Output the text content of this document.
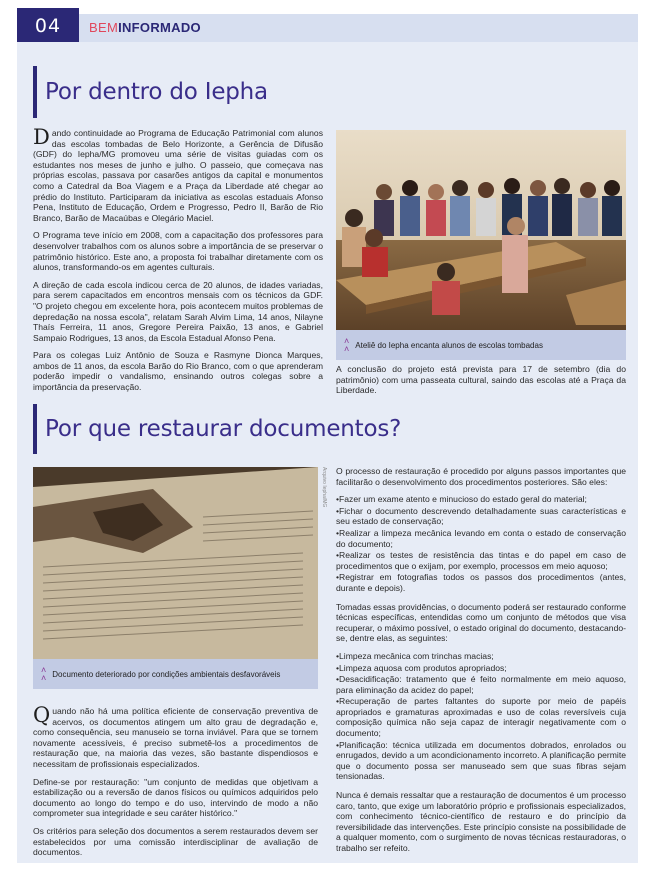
04	BEMINFORMADO
Por dentro do Iepha

Dando continuidade ao Programa de Educação Patrimonial com alunos das escolas tombadas de Belo Horizonte, a Gerência de Difusão (GDF) do Iepha/MG promoveu uma série de visitas guiadas com os estudantes nos meses de junho e julho. O passeio, que começava nas próprias escolas, passava por casarões antigos da capital e monumentos como a Catedral da Boa Viagem e a Praça da Liberdade até chegar ao prédio do Instituto. Participaram da iniciativa as escolas estaduais Afonso Pena, Instituto de Educação, Ordem e Progresso, Pedro II, Barão de Rio Branco, Barão de Macaúbas e Olegário Maciel.

O Programa teve início em 2008, com a capacitação dos professores para desenvolver trabalhos com os alunos sobre a importância de se preservar o patrimônio histórico. Este ano, a proposta foi trabalhar diretamente com os alunos, transformando-os em agentes culturais.

A direção de cada escola indicou cerca de 20 alunos, de idades variadas, para serem capacitados em encontros mensais com os técnicos da GDF. "O projeto chegou em excelente hora, pois acontecem muitos problemas de depredação na nossa escola", relatam Sarah Alvim Lima, 14 anos, Nilayne Thaís Ferreira, 11 anos, Gregore Pereira Paixão, 13 anos, e Gabriel Sampaio Rodrigues, 13 anos, da Escola Estadual Afonso Pena.

Para os colegas Luiz Antônio de Souza e Rasmyne Dionca Marques, ambos de 11 anos, da escola Barão do Rio Branco, com o que aprenderam poderão impedir o vandalismo, ensinando outros colegas sobre a importância da preservação.

˄
˄ Ateliê do Iepha encanta alunos de escolas tombadas

A conclusão do projeto está prevista para 17 de setembro (dia do patrimônio) com uma passeata cultural, saindo das escolas até a Praça da Liberdade.

Por que restaurar documentos?
Arquivo Iepha/MG
˄
˄ Documento deteriorado por condições ambientais desfavoráveis

Quando não há uma política eficiente de conservação preventiva de acervos, os documentos atingem um alto grau de degradação e, como consequência, seu manuseio se torna inviável. Para que se tornem novamente acessíveis, é preciso submetê-los a procedimentos de restauração que, na maioria das vezes, são bastante dispendiosos e necessitam de profissionais especializados.

Define-se por restauração: "um conjunto de medidas que objetivam a estabilização ou a reversão de danos físicos ou químicos adquiridos pelo documento ao longo do tempo e do uso, intervindo de modo a não comprometer sua integridade e seu caráter histórico."

Os critérios para seleção dos documentos a serem restaurados devem ser estabelecidos por uma comissão interdisciplinar de avaliação de documentos.

O processo de restauração é procedido por alguns passos importantes que facilitarão o desenvolvimento dos procedimentos posteriores. São eles:

•Fazer um exame atento e minucioso do estado geral do material;
•Fichar o documento descrevendo detalhadamente suas características e seu estado de conservação;
•Realizar a limpeza mecânica levando em conta o estado de conservação do documento;
•Realizar os testes de resistência das tintas e do papel em caso de procedimentos que o exijam, por exemplo, processos em meio aquoso;
•Registrar em fotografias todos os passos dos procedimentos (antes, durante e depois).

Tomadas essas providências, o documento poderá ser restaurado conforme técnicas específicas, entendidas como um conjunto de métodos que visa recuperar, o máximo possível, o estado original do documento, destacando-se, dentre elas, as seguintes:

•Limpeza mecânica com trinchas macias;
•Limpeza aquosa com produtos apropriados;
•Desacidificação: tratamento que é feito normalmente em meio aquoso, para eliminação da acidez do papel;
•Recuperação de partes faltantes do suporte por meio de papéis apropriados e gramaturas aproximadas e uso de colas reversíveis cuja composição química não seja capaz de interagir negativamente com o documento;
•Planificação: técnica utilizada em documentos dobrados, enrolados ou enrugados, devido a um acondicionamento incorreto. A planificação permite que o documento possa ser manuseado sem que suas fibras sejam tensionadas.

Nunca é demais ressaltar que a restauração de documentos é um processo caro, tanto, que exige um laboratório próprio e profissionais especializados, com conhecimento técnico-científico de restauro e do princípio da reversibilidade das intervenções. Este princípio consiste na possibilidade de a qualquer momento, com o surgimento de novas técnicas restauradoras, o trabalho ser refeito.
